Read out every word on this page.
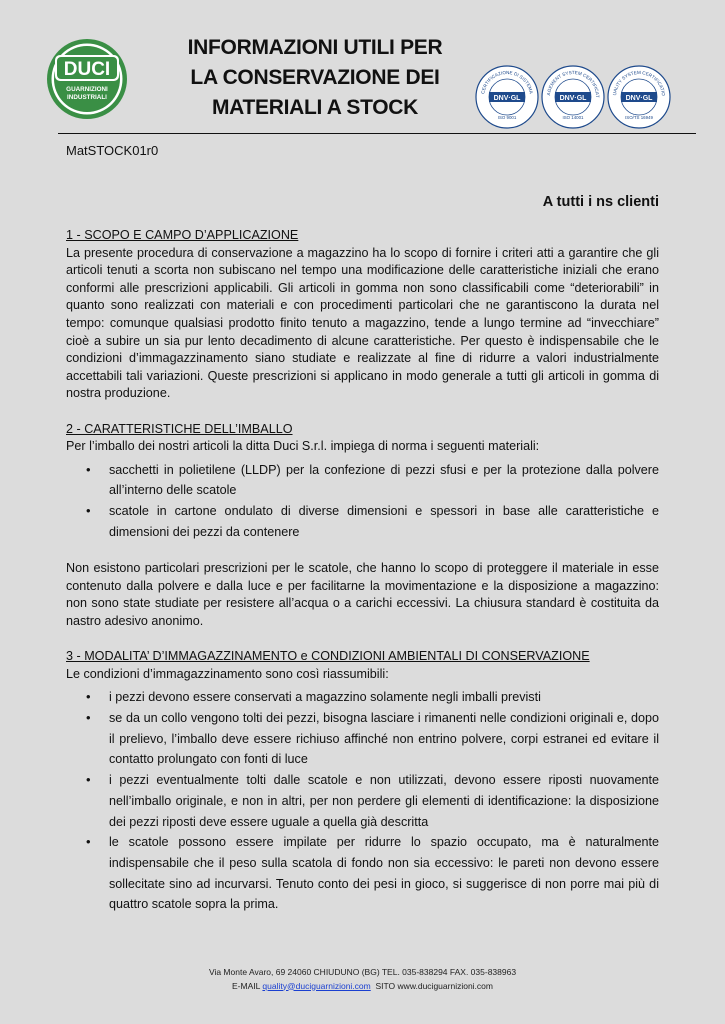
DUCI
GUARNIZIONI
INDUSTRIALI
INFORMAZIONI UTILI PER
LA CONSERVAZIONE DEI
MATERIALI A STOCK
CERTIFICAZIONE DI SISTEMA
DNV·GL
ISO 9001
AGEMENT SYSTEM CERTIFICAT
DNV·GL
ISO 14001
UALITY SYSTEM CERTIFICATIO
DNV·GL
ISO/TS 16949
MatSTOCK01r0
A tutti i ns clienti

1 - SCOPO E CAMPO D’APPLICAZIONE

La presente procedura di conservazione a magazzino ha lo scopo di fornire i criteri atti a garantire che gli articoli tenuti a scorta non subiscano nel tempo una modificazione delle caratteristiche iniziali che erano conformi alle prescrizioni applicabili. Gli articoli in gomma non sono classificabili come “deteriorabili” in quanto sono realizzati con materiali e con procedimenti particolari che ne garantiscono la durata nel tempo: comunque qualsiasi prodotto finito tenuto a magazzino, tende a lungo termine ad “invecchiare” cioè a subire un sia pur lento decadimento di alcune caratteristiche. Per questo è indispensabile che le condizioni d’immagazzinamento siano studiate e realizzate al fine di ridurre a valori industrialmente accettabili tali variazioni. Queste prescrizioni si applicano in modo generale a tutti gli articoli in gomma di nostra produzione.

2 - CARATTERISTICHE DELL’IMBALLO

Per l’imballo dei nostri articoli la ditta Duci S.r.l. impiega di norma i seguenti materiali:

• sacchetti in polietilene (LLDP) per la confezione di pezzi sfusi e per la protezione dalla polvere all’interno delle scatole
• scatole in cartone ondulato di diverse dimensioni e spessori in base alle caratteristiche e dimensioni dei pezzi da contenere

Non esistono particolari prescrizioni per le scatole, che hanno lo scopo di proteggere il materiale in esse contenuto dalla polvere e dalla luce e per facilitarne la movimentazione e la disposizione a magazzino: non sono state studiate per resistere all’acqua o a carichi eccessivi. La chiusura standard è costituita da nastro adesivo anonimo.

3 - MODALITA’ D’IMMAGAZZINAMENTO e CONDIZIONI AMBIENTALI DI CONSERVAZIONE

Le condizioni d’immagazzinamento sono così riassumibili:

• i pezzi devono essere conservati a magazzino solamente negli imballi previsti
• se da un collo vengono tolti dei pezzi, bisogna lasciare i rimanenti nelle condizioni originali e, dopo il prelievo, l’imballo deve essere richiuso affinché non entrino polvere, corpi estranei ed evitare il contatto prolungato con fonti di luce
• i pezzi eventualmente tolti dalle scatole e non utilizzati, devono essere riposti nuovamente nell’imballo originale, e non in altri, per non perdere gli elementi di identificazione: la disposizione dei pezzi riposti deve essere uguale a quella già descritta
• le scatole possono essere impilate per ridurre lo spazio occupato, ma è naturalmente indispensabile che il peso sulla scatola di fondo non sia eccessivo: le pareti non devono essere sollecitate sino ad incurvarsi. Tenuto conto dei pesi in gioco, si suggerisce di non porre mai più di quattro scatole sopra la prima.
Via Monte Avaro, 69 24060 CHIUDUNO (BG) TEL. 035-838294 FAX. 035-838963
E-MAIL quality@duciguarnizioni.com SITO www.duciguarnizioni.com
